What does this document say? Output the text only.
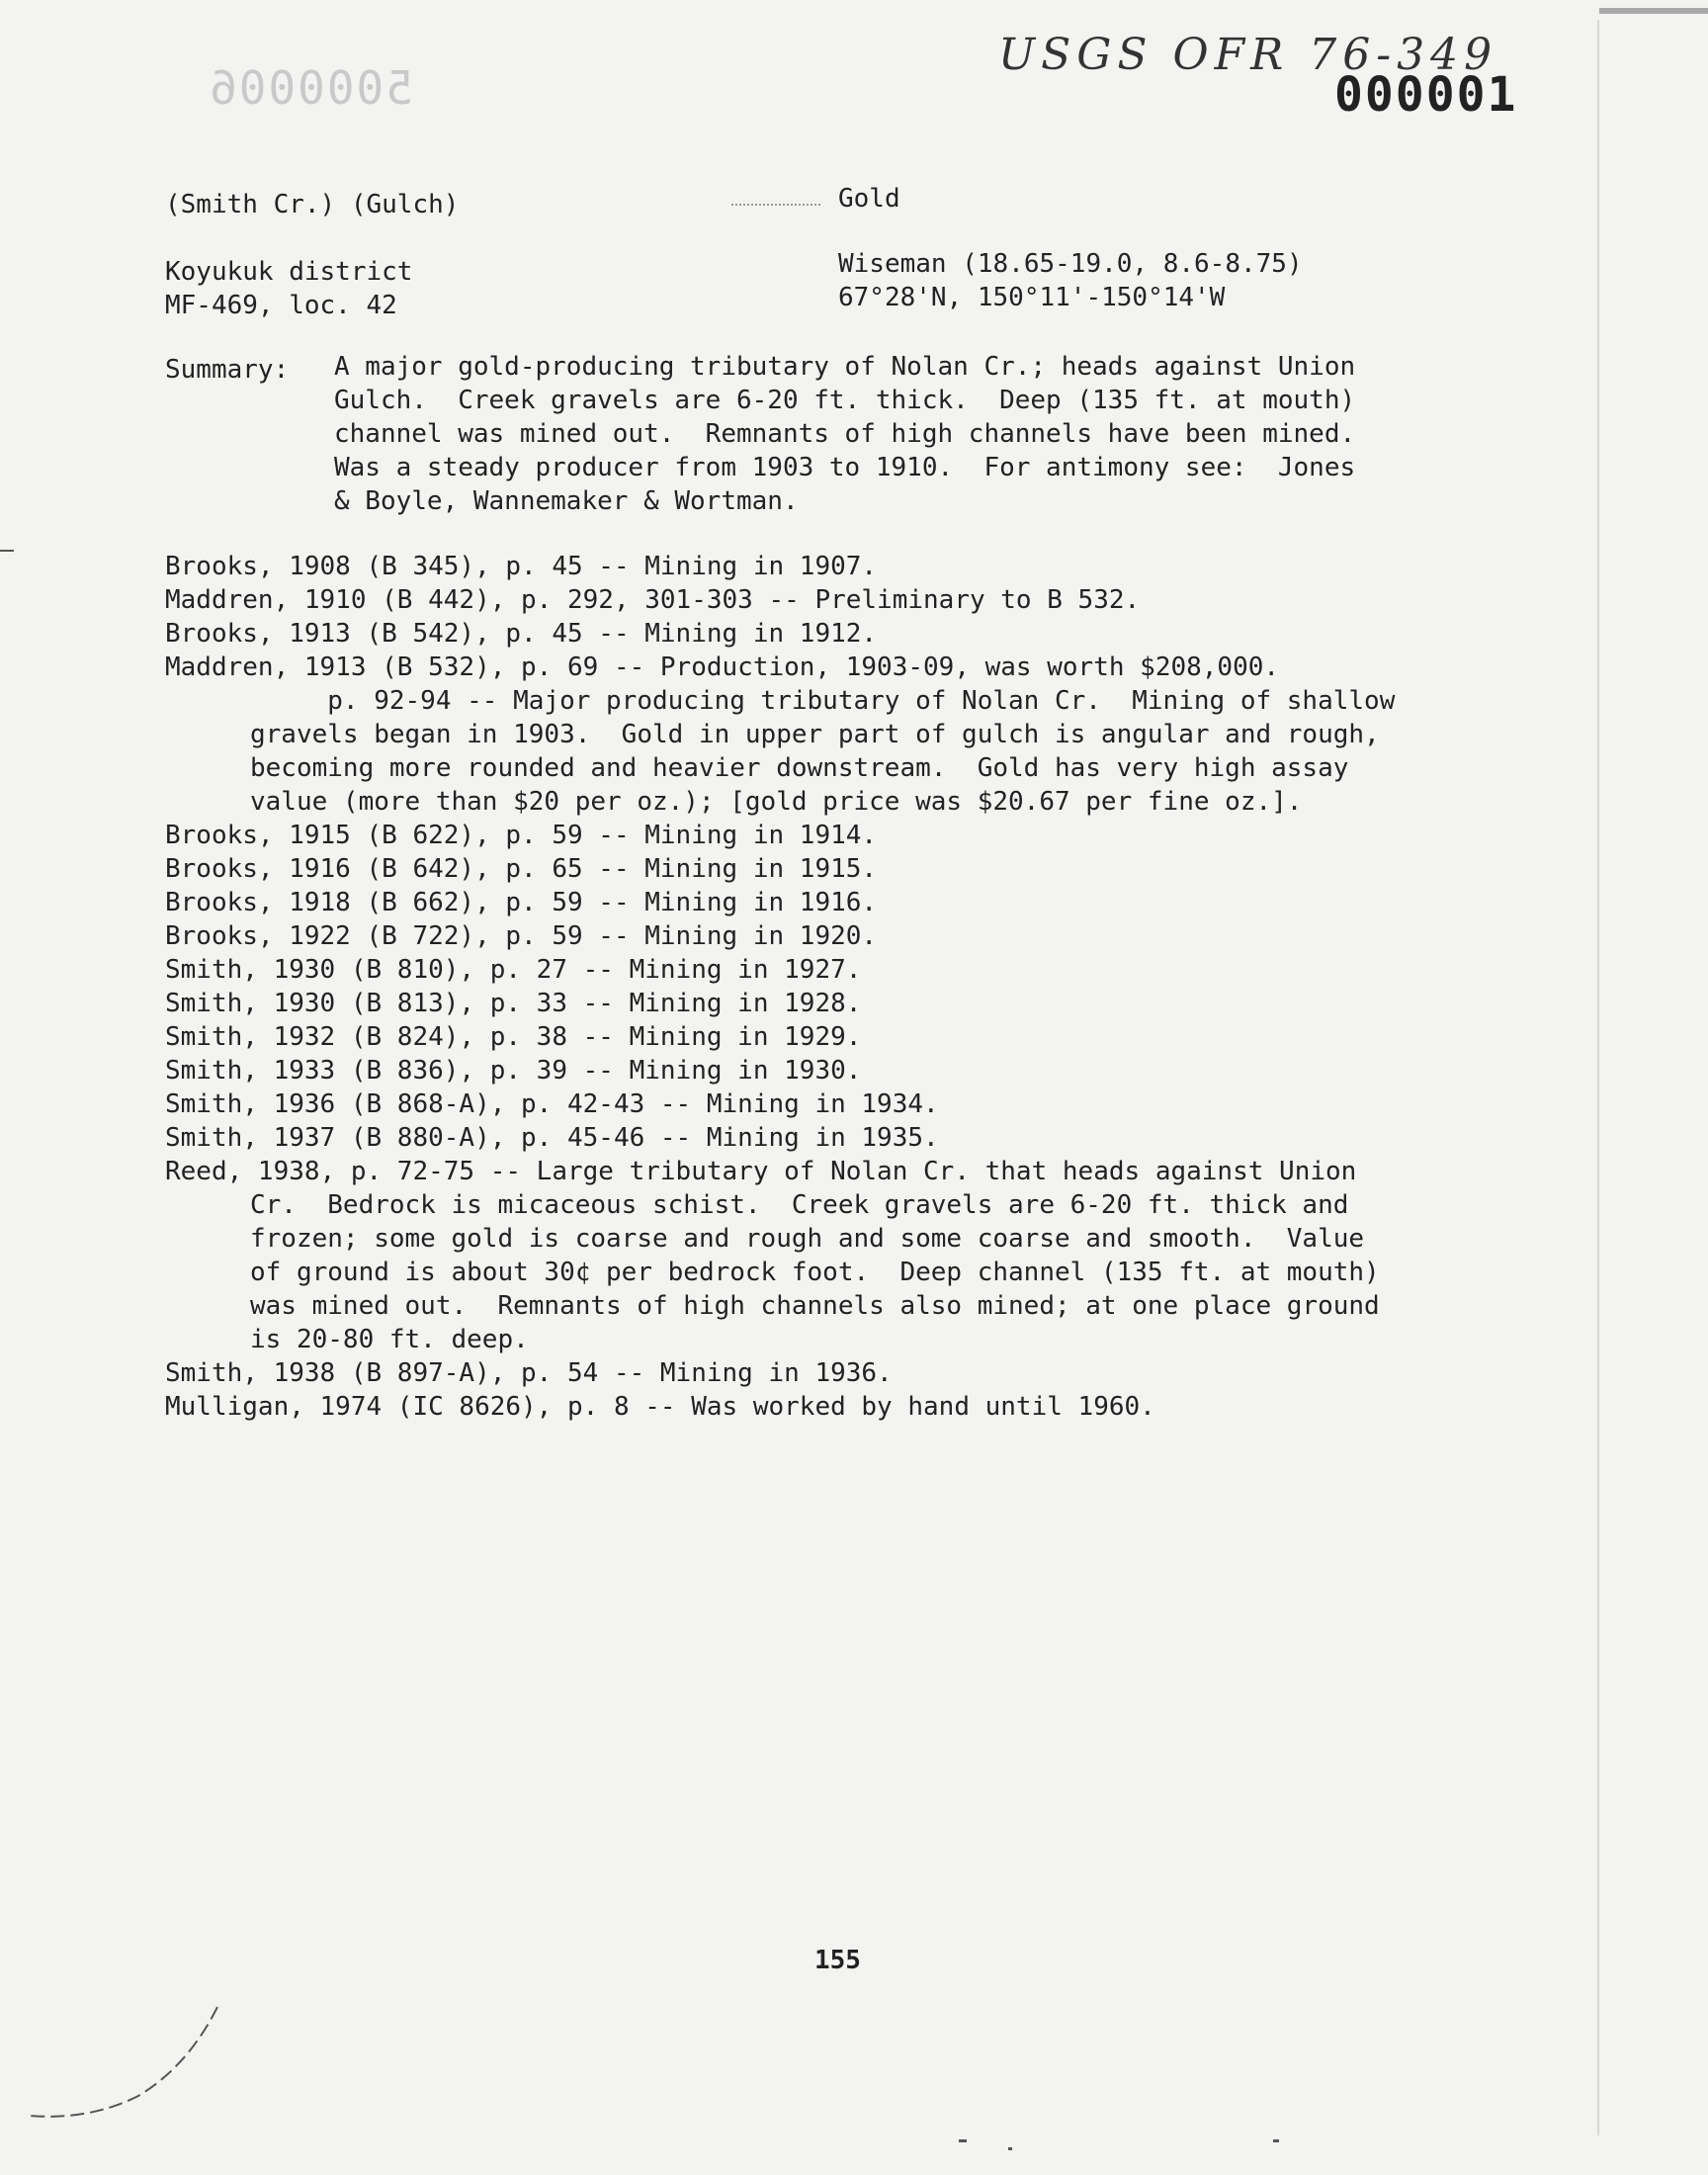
5000006
USGS OFR 76-349
000001
(Smith Cr.) (Gulch)	Gold
Koyukuk district
MF-469, loc. 42
Wiseman (18.65-19.0, 8.6-8.75)
67°28'N, 150°11'-150°14'W
Summary: A major gold-producing tributary of Nolan Cr.; heads against Union
Gulch.  Creek gravels are 6-20 ft. thick.  Deep (135 ft. at mouth)
channel was mined out.  Remnants of high channels have been mined.
Was a steady producer from 1903 to 1910.  For antimony see:  Jones
& Boyle, Wannemaker & Wortman.
Brooks, 1908 (B 345), p. 45 -- Mining in 1907.
Maddren, 1910 (B 442), p. 292, 301-303 -- Preliminary to B 532.
Brooks, 1913 (B 542), p. 45 -- Mining in 1912.
Maddren, 1913 (B 532), p. 69 -- Production, 1903-09, was worth $208,000.
p. 92-94 -- Major producing tributary of Nolan Cr.  Mining of shallow
gravels began in 1903.  Gold in upper part of gulch is angular and rough,
becoming more rounded and heavier downstream.  Gold has very high assay
value (more than $20 per oz.); [gold price was $20.67 per fine oz.].
Brooks, 1915 (B 622), p. 59 -- Mining in 1914.
Brooks, 1916 (B 642), p. 65 -- Mining in 1915.
Brooks, 1918 (B 662), p. 59 -- Mining in 1916.
Brooks, 1922 (B 722), p. 59 -- Mining in 1920.
Smith, 1930 (B 810), p. 27 -- Mining in 1927.
Smith, 1930 (B 813), p. 33 -- Mining in 1928.
Smith, 1932 (B 824), p. 38 -- Mining in 1929.
Smith, 1933 (B 836), p. 39 -- Mining in 1930.
Smith, 1936 (B 868-A), p. 42-43 -- Mining in 1934.
Smith, 1937 (B 880-A), p. 45-46 -- Mining in 1935.
Reed, 1938, p. 72-75 -- Large tributary of Nolan Cr. that heads against Union
Cr.  Bedrock is micaceous schist.  Creek gravels are 6-20 ft. thick and
frozen; some gold is coarse and rough and some coarse and smooth.  Value
of ground is about 30¢ per bedrock foot.  Deep channel (135 ft. at mouth)
was mined out.  Remnants of high channels also mined; at one place ground
is 20-80 ft. deep.
Smith, 1938 (B 897-A), p. 54 -- Mining in 1936.
Mulligan, 1974 (IC 8626), p. 8 -- Was worked by hand until 1960.
155
